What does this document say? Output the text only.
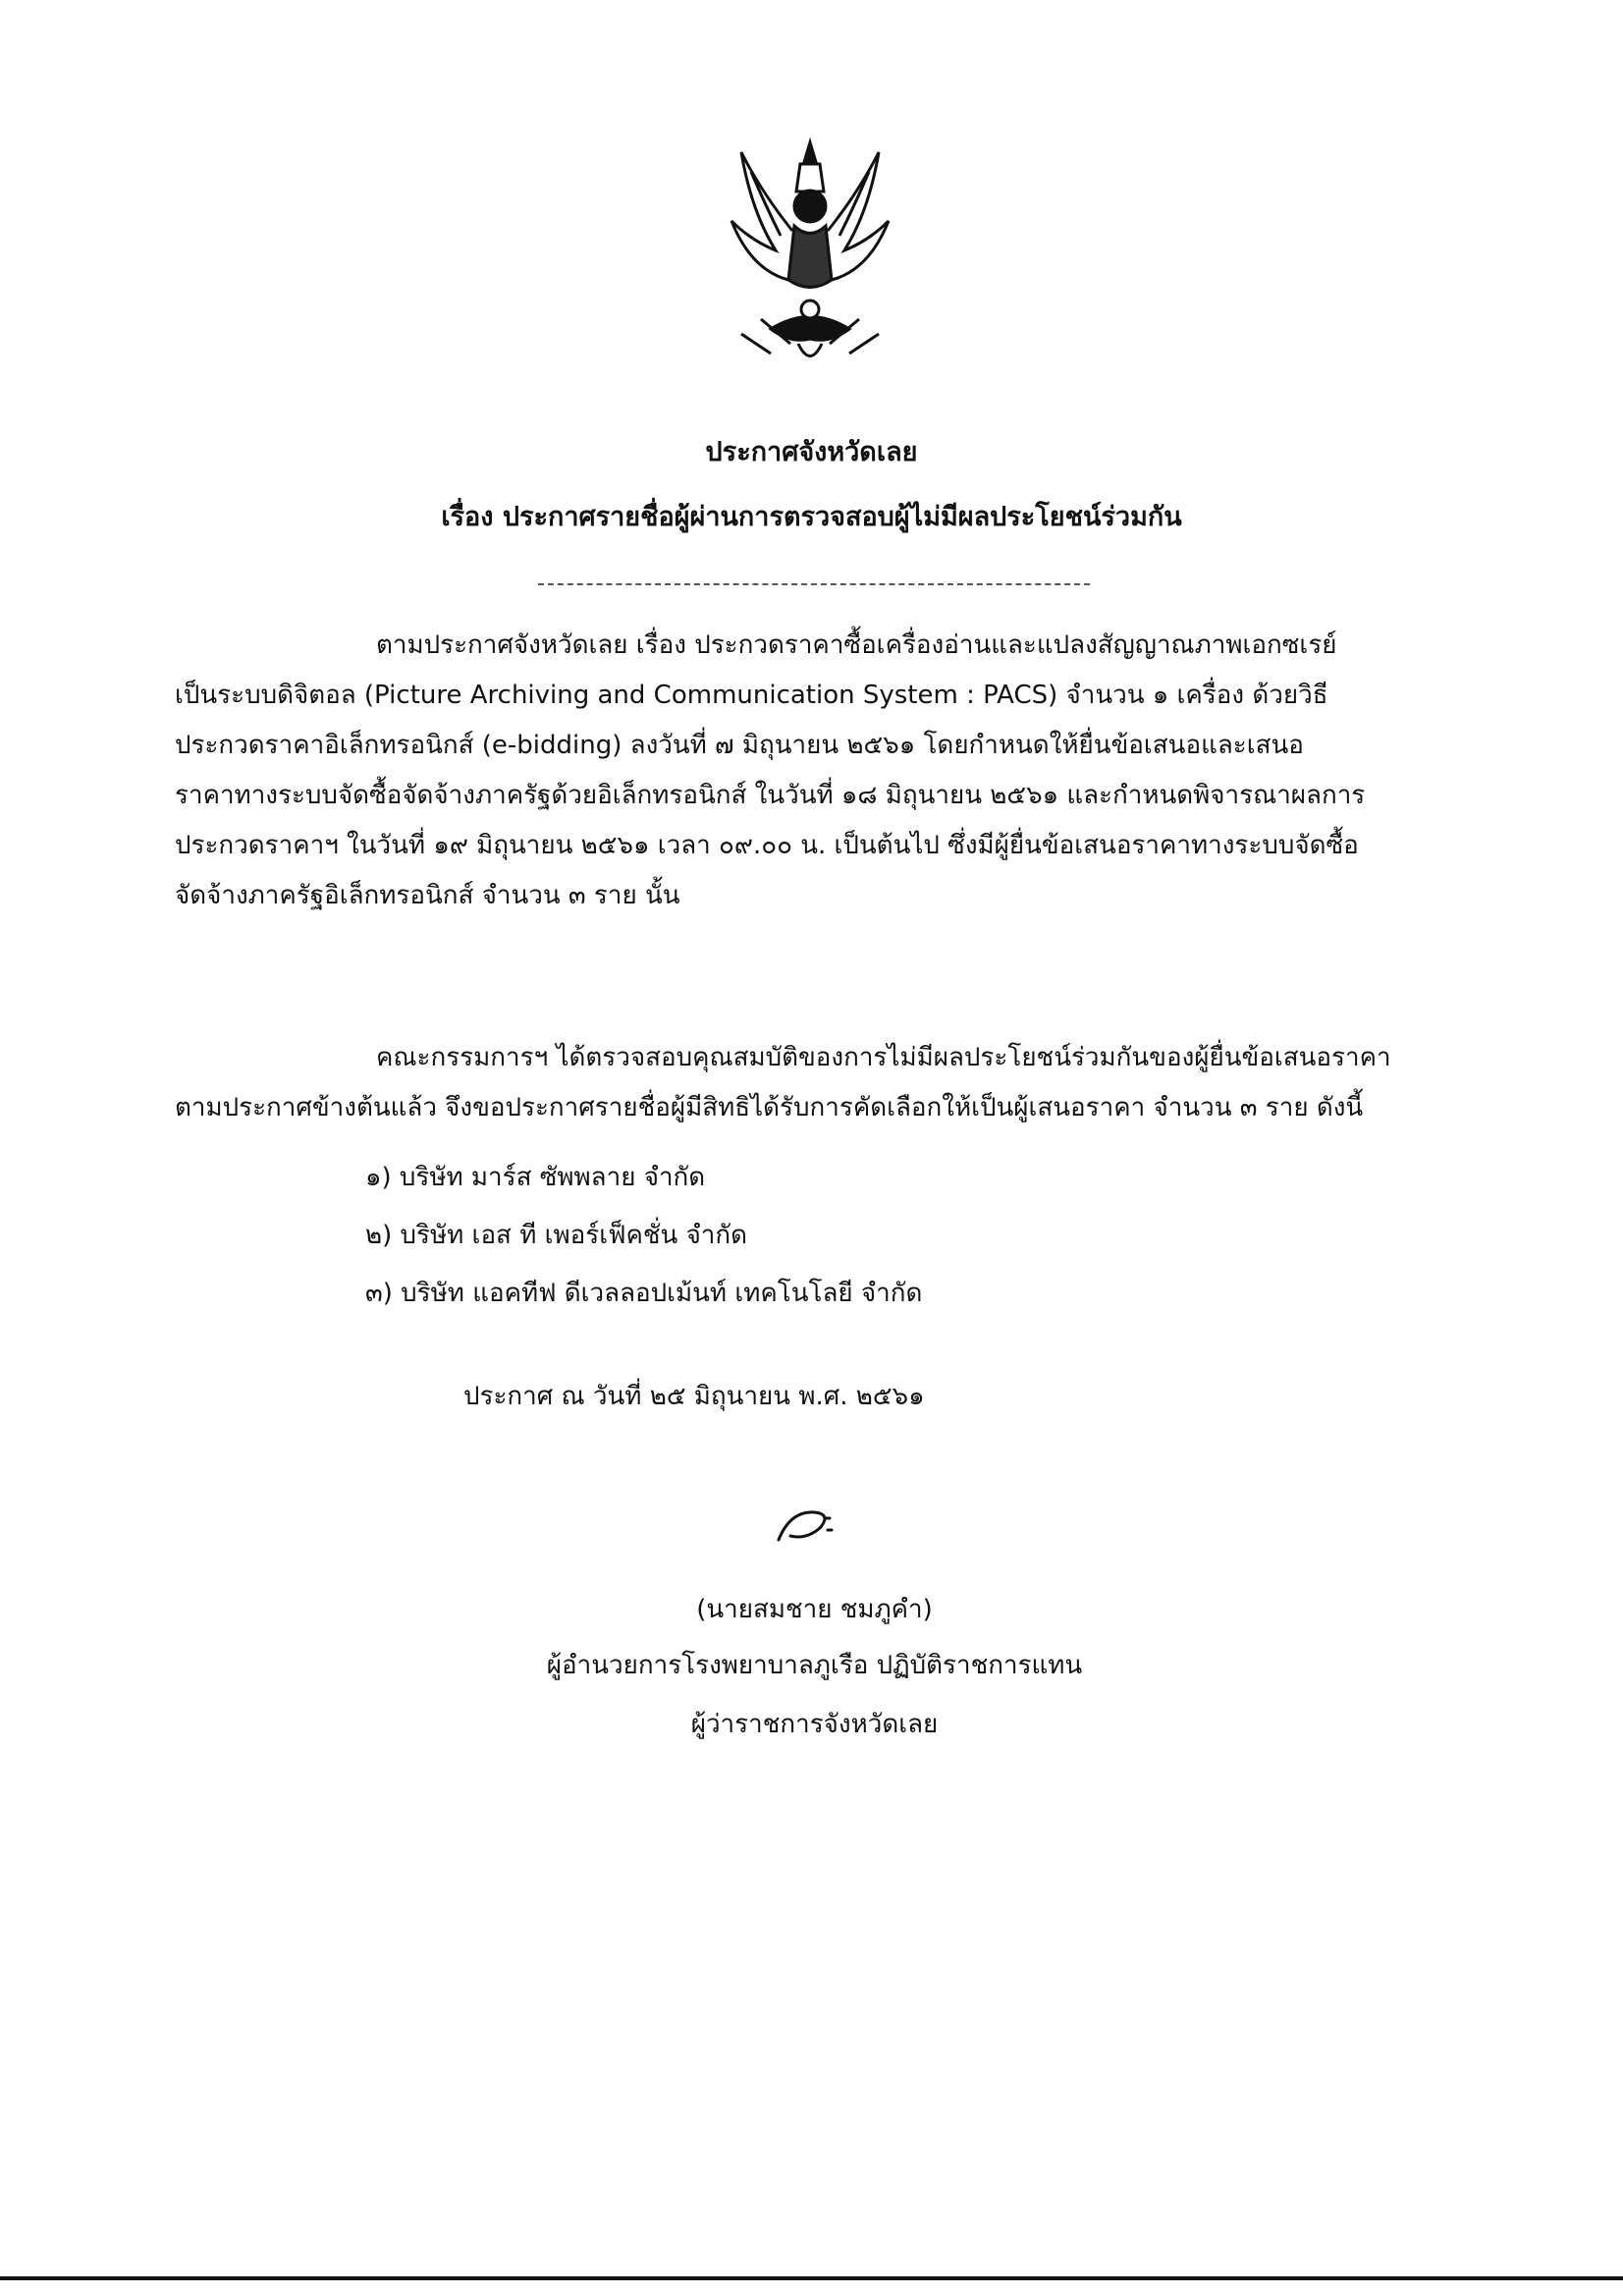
ประกาศจังหวัดเลย
เรื่อง ประกาศรายชื่อผู้ผ่านการตรวจสอบผู้ไม่มีผลประโยชน์ร่วมกัน
ตามประกาศจังหวัดเลย เรื่อง ประกวดราคาซื้อเครื่องอ่านและแปลงสัญญาณภาพเอกซเรย์
เป็นระบบดิจิตอล (Picture Archiving and Communication System : PACS) จำนวน ๑ เครื่อง ด้วยวิธี
ประกวดราคาอิเล็กทรอนิกส์ (e-bidding) ลงวันที่ ๗ มิถุนายน ๒๕๖๑ โดยกำหนดให้ยื่นข้อเสนอและเสนอ
ราคาทางระบบจัดซื้อจัดจ้างภาครัฐด้วยอิเล็กทรอนิกส์ ในวันที่ ๑๘ มิถุนายน ๒๕๖๑ และกำหนดพิจารณาผลการ
ประกวดราคาฯ ในวันที่ ๑๙ มิถุนายน ๒๕๖๑ เวลา ๐๙.๐๐ น. เป็นต้นไป ซึ่งมีผู้ยื่นข้อเสนอราคาทางระบบจัดซื้อ
จัดจ้างภาครัฐอิเล็กทรอนิกส์ จำนวน ๓ ราย นั้น
คณะกรรมการฯ ได้ตรวจสอบคุณสมบัติของการไม่มีผลประโยชน์ร่วมกันของผู้ยื่นข้อเสนอราคา
ตามประกาศข้างต้นแล้ว จึงขอประกาศรายชื่อผู้มีสิทธิได้รับการคัดเลือกให้เป็นผู้เสนอราคา จำนวน ๓ ราย ดังนี้
๑) บริษัท มาร์ส ซัพพลาย จำกัด
๒) บริษัท เอส ที เพอร์เฟ็คชั่น จำกัด
๓) บริษัท แอคทีฟ ดีเวลลอปเม้นท์ เทคโนโลยี จำกัด
ประกาศ ณ วันที่ ๒๕ มิถุนายน พ.ศ. ๒๕๖๑
(นายสมชาย ชมภูคำ)
ผู้อำนวยการโรงพยาบาลภูเรือ ปฏิบัติราชการแทน
ผู้ว่าราชการจังหวัดเลย
